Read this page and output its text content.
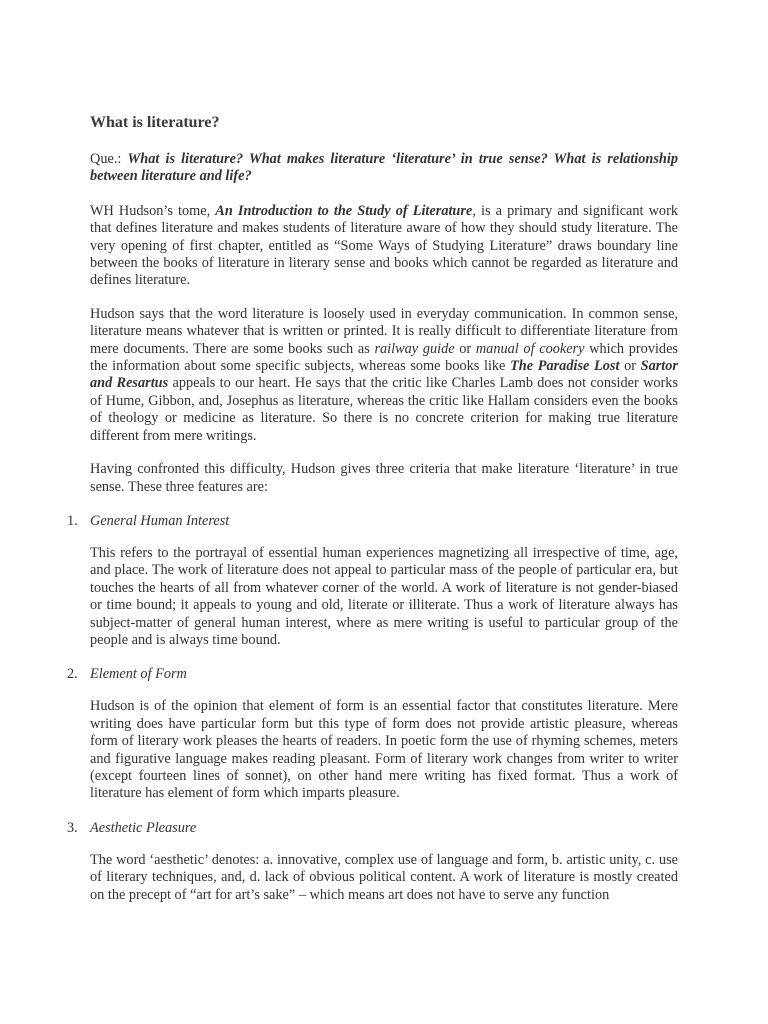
What is literature?

Que.: What is literature? What makes literature ‘literature’ in true sense? What is relationship between literature and life?

WH Hudson’s tome, An Introduction to the Study of Literature, is a primary and significant work that defines literature and makes students of literature aware of how they should study literature. The very opening of first chapter, entitled as “Some Ways of Studying Literature” draws boundary line between the books of literature in literary sense and books which cannot be regarded as literature and defines literature.

Hudson says that the word literature is loosely used in everyday communication. In common sense, literature means whatever that is written or printed. It is really difficult to differentiate literature from mere documents. There are some books such as railway guide or manual of cookery which provides the information about some specific subjects, whereas some books like The Paradise Lost or Sartor and Resartus appeals to our heart. He says that the critic like Charles Lamb does not consider works of Hume, Gibbon, and, Josephus as literature, whereas the critic like Hallam considers even the books of theology or medicine as literature. So there is no concrete criterion for making true literature different from mere writings.

Having confronted this difficulty, Hudson gives three criteria that make literature ‘literature’ in true sense. These three features are:

1. General Human Interest

This refers to the portrayal of essential human experiences magnetizing all irrespective of time, age, and place. The work of literature does not appeal to particular mass of the people of particular era, but touches the hearts of all from whatever corner of the world. A work of literature is not gender-biased or time bound; it appeals to young and old, literate or illiterate. Thus a work of literature always has subject-matter of general human interest, where as mere writing is useful to particular group of the people and is always time bound.

2. Element of Form

Hudson is of the opinion that element of form is an essential factor that constitutes literature. Mere writing does have particular form but this type of form does not provide artistic pleasure, whereas form of literary work pleases the hearts of readers. In poetic form the use of rhyming schemes, meters and figurative language makes reading pleasant. Form of literary work changes from writer to writer (except fourteen lines of sonnet), on other hand mere writing has fixed format. Thus a work of literature has element of form which imparts pleasure.

3. Aesthetic Pleasure

The word ‘aesthetic’ denotes: a. innovative, complex use of language and form, b. artistic unity, c. use of literary techniques, and, d. lack of obvious political content. A work of literature is mostly created on the precept of “art for art’s sake” – which means art does not have to serve any function
